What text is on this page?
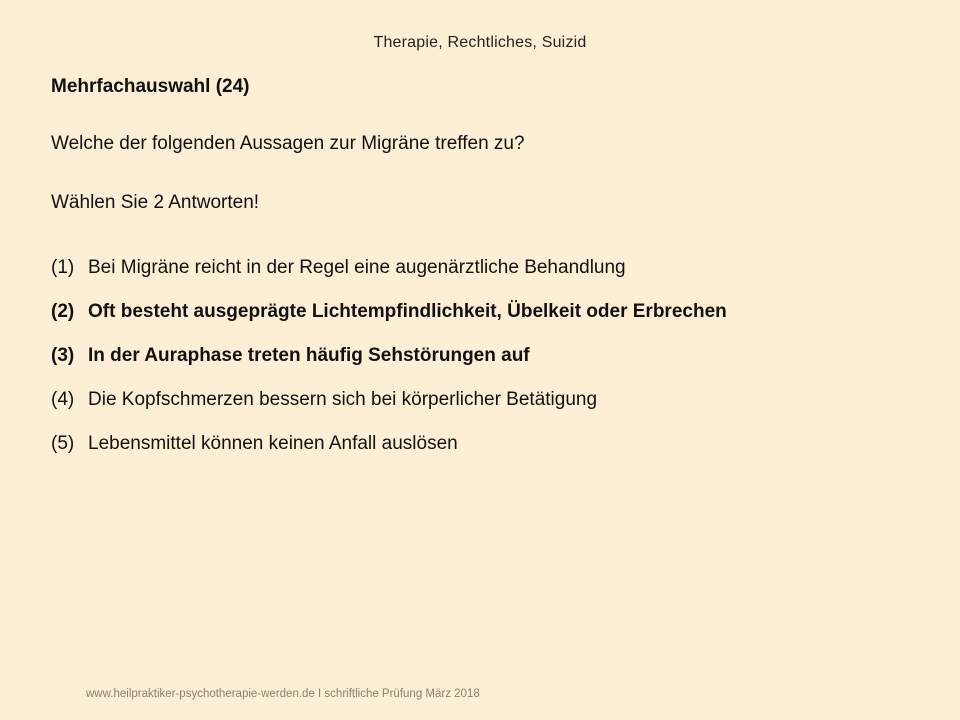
Therapie, Rechtliches, Suizid
Mehrfachauswahl (24)
Welche der folgenden Aussagen zur Migräne treffen zu?
Wählen Sie 2 Antworten!
(1) Bei Migräne reicht in der Regel eine augenärztliche Behandlung
(2) Oft besteht ausgeprägte Lichtempfindlichkeit, Übelkeit oder Erbrechen
(3) In der Auraphase treten häufig Sehstörungen auf
(4) Die Kopfschmerzen bessern sich bei körperlicher Betätigung
(5) Lebensmittel können keinen Anfall auslösen
www.heilpraktiker-psychotherapie-werden.de I schriftliche Prüfung März 2018
